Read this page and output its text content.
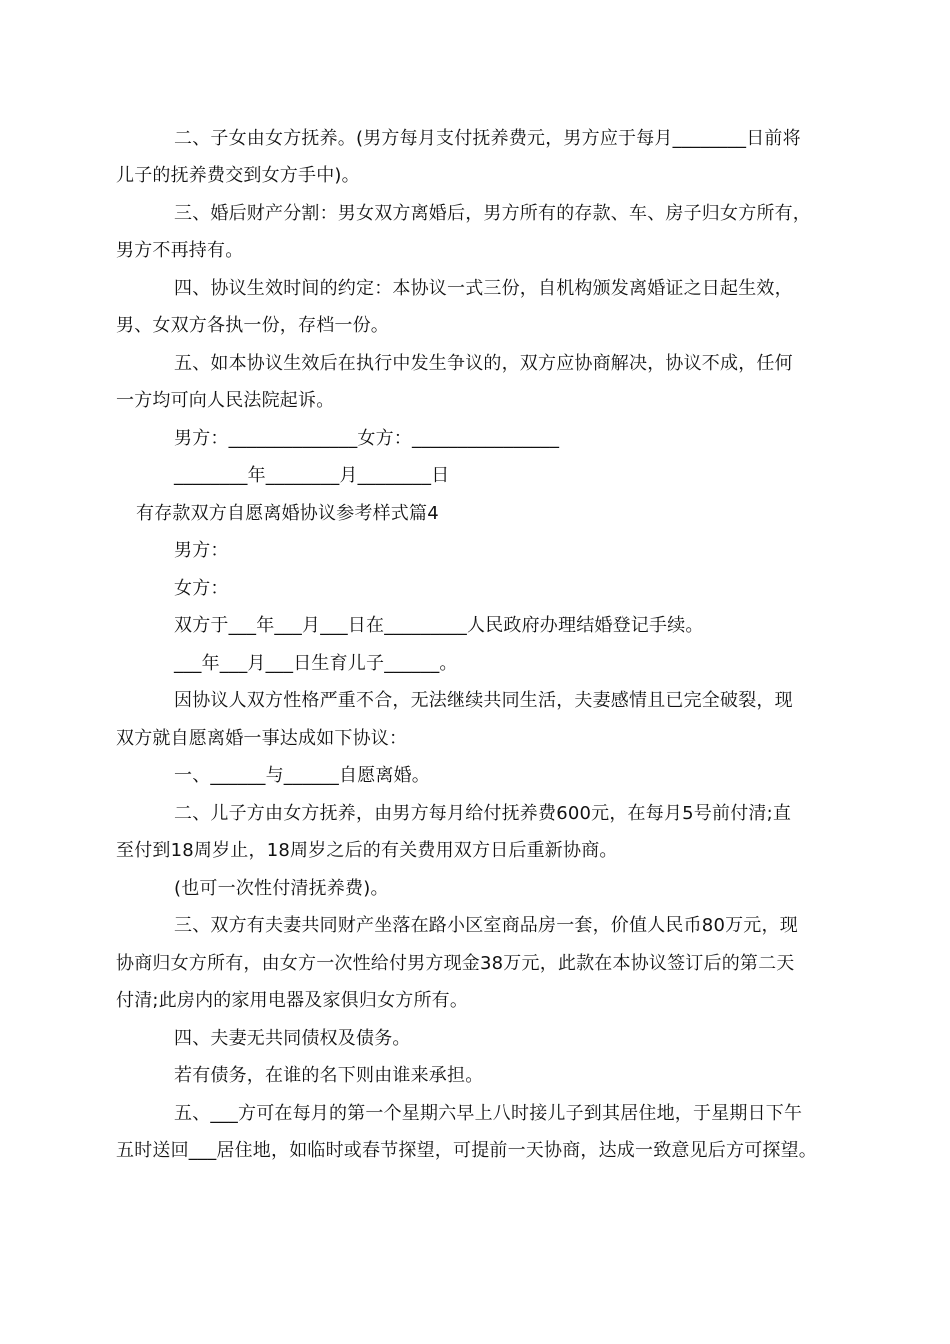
二、子女由女方抚养。(男方每月支付抚养费元，男方应于每月________日前将
儿子的抚养费交到女方手中)。
三、婚后财产分割：男女双方离婚后，男方所有的存款、车、房子归女方所有，
男方不再持有。
四、协议生效时间的约定：本协议一式三份，自机构颁发离婚证之日起生效，
男、女双方各执一份，存档一份。
五、如本协议生效后在执行中发生争议的，双方应协商解决，协议不成，任何
一方均可向人民法院起诉。
男方：______________女方：________________
________年________月________日
有存款双方自愿离婚协议参考样式篇4
男方：
女方：
双方于___年___月___日在_________人民政府办理结婚登记手续。
___年___月___日生育儿子______。
因协议人双方性格严重不合，无法继续共同生活，夫妻感情且已完全破裂，现
双方就自愿离婚一事达成如下协议：
一、______与______自愿离婚。
二、儿子方由女方抚养，由男方每月给付抚养费600元，在每月5号前付清;直
至付到18周岁止，18周岁之后的有关费用双方日后重新协商。
(也可一次性付清抚养费)。
三、双方有夫妻共同财产坐落在路小区室商品房一套，价值人民币80万元，现
协商归女方所有，由女方一次性给付男方现金38万元，此款在本协议签订后的第二天
付清;此房内的家用电器及家俱归女方所有。
四、夫妻无共同债权及债务。
若有债务，在谁的名下则由谁来承担。
五、___方可在每月的第一个星期六早上八时接儿子到其居住地，于星期日下午
五时送回___居住地，如临时或春节探望，可提前一天协商，达成一致意见后方可探望。
